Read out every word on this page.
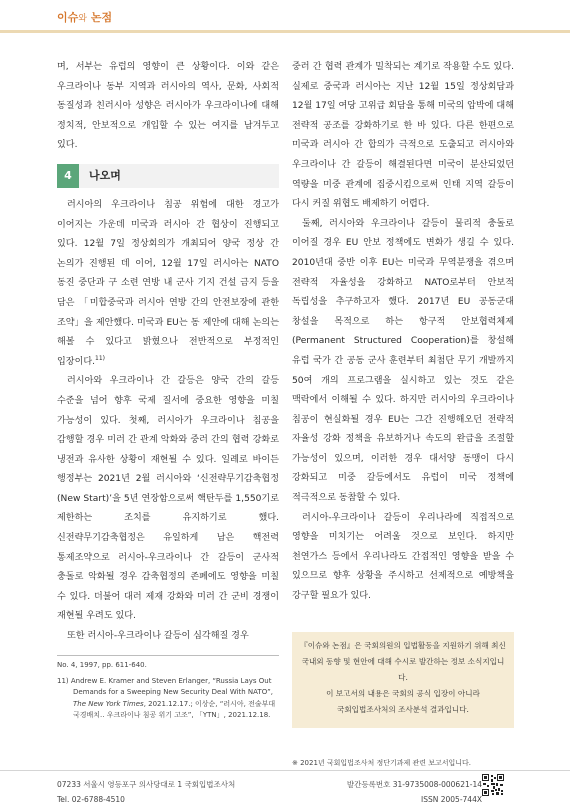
이슈와 논점

며, 서부는 유럽의 영향이 큰 상황이다. 이와 같은 우크라이나 동부 지역과 러시아의 역사, 문화, 사회적 동질성과 친러시아 성향은 러시아가 우크라이나에 대해 정치적, 안보적으로 개입할 수 있는 여지를 남겨두고 있다.

4	나오며

러시아의 우크라이나 침공 위험에 대한 경고가 이어지는 가운데 미국과 러시아 간 협상이 진행되고 있다. 12월 7일 정상회의가 개최되어 양국 정상 간 논의가 진행된 데 이어, 12월 17일 러시아는 NATO 동진 중단과 구 소련 연방 내 군사 기지 건설 금지 등을 담은 「미합중국과 러시아 연방 간의 안전보장에 관한 조약」을 제안했다. 미국과 EU는 동 제안에 대해 논의는 해볼 수 있다고 밝혔으나 전반적으로 부정적인 입장이다.$^{11)}$

러시아와 우크라이나 간 갈등은 양국 간의 갈등 수준을 넘어 향후 국제 질서에 중요한 영향을 미칠 가능성이 있다. 첫째, 러시아가 우크라이나 침공을 감행할 경우 미러 간 관계 악화와 중러 간의 협력 강화로 냉전과 유사한 상황이 재현될 수 있다. 일례로 바이든 행정부는 2021년 2월 러시아와 ‘신전략무기감축협정(New Start)’을 5년 연장함으로써 핵탄두를 1,550기로 제한하는 조치를 유지하기로 했다. 신전략무기감축협정은 유일하게 남은 핵전력 통제조약으로 러시아-우크라이나 간 갈등이 군사적 충돌로 악화될 경우 감축협정의 존폐에도 영향을 미칠 수 있다. 더불어 대러 제재 강화와 미러 간 군비 경쟁이 재현될 우려도 있다.

또한 러시아-우크라이나 갈등이 심각해질 경우

중러 간 협력 관계가 밀착되는 계기로 작용할 수도 있다. 실제로 중국과 러시아는 지난 12월 15일 정상회담과 12월 17일 여당 고위급 회담을 통해 미국의 압박에 대해 전략적 공조를 강화하기로 한 바 있다. 다른 한편으로 미국과 러시아 간 합의가 극적으로 도출되고 러시아와 우크라이나 간 갈등이 해결된다면 미국이 분산되었던 역량을 미중 관계에 집중시킴으로써 인태 지역 갈등이 다시 커질 위협도 배제하기 어렵다.

둘째, 러시아와 우크라이나 갈등이 물리적 충돌로 이어질 경우 EU 안보 정책에도 변화가 생길 수 있다. 2010년대 중반 이후 EU는 미국과 무역분쟁을 겪으며 전략적 자율성을 강화하고 NATO로부터 안보적 독립성을 추구하고자 했다. 2017년 EU 공동군대 창설을 목적으로 하는 항구적 안보협력체제(Permanent Structured Cooperation)를 창설해 유럽 국가 간 공동 군사 훈련부터 최첨단 무기 개발까지 50여 개의 프로그램을 실시하고 있는 것도 같은 맥락에서 이해될 수 있다. 하지만 러시아의 우크라이나 침공이 현실화될 경우 EU는 그간 진행해오던 전략적 자율성 강화 정책을 유보하거나 속도의 완급을 조절할 가능성이 있으며, 이러한 경우 대서양 동맹이 다시 강화되고 미중 갈등에서도 유럽이 미국 정책에 적극적으로 동참할 수 있다.

러시아-우크라이나 갈등이 우리나라에 직접적으로 영향을 미치기는 어려울 것으로 보인다. 하지만 천연가스 등에서 우리나라도 간접적인 영향을 받을 수 있으므로 향후 상황을 주시하고 선제적으로 예방책을 강구할 필요가 있다.

No. 4, 1997, pp. 611-640.

11) Andrew E. Kramer and Steven Erlanger, “Russia Lays Out Demands for a Sweeping New Security Deal With NATO”, The New York Times, 2021.12.17.; 이상순, “러시아, 전술부대 국경배치.. 우크라이나 침공 위기 고조”, 「YTN」, 2021.12.18.

『이슈와 논점』은 국회의원의 입법활동을 지원하기 위해 최신
국내외 동향 및 현안에 대해 수시로 발간하는 정보 소식지입니다.
이 보고서의 내용은 국회의 공식 입장이 아니라
국회입법조사처의 조사분석 결과입니다.
※ 2021년 국회입법조사처 정단기과제 관련 보고서입니다.
07233 서울시 영등포구 의사당대로 1 국회입법조사처
Tel. 02-6788-4510
발간등록번호 31-9735008-000621-14
ISSN 2005-744X
